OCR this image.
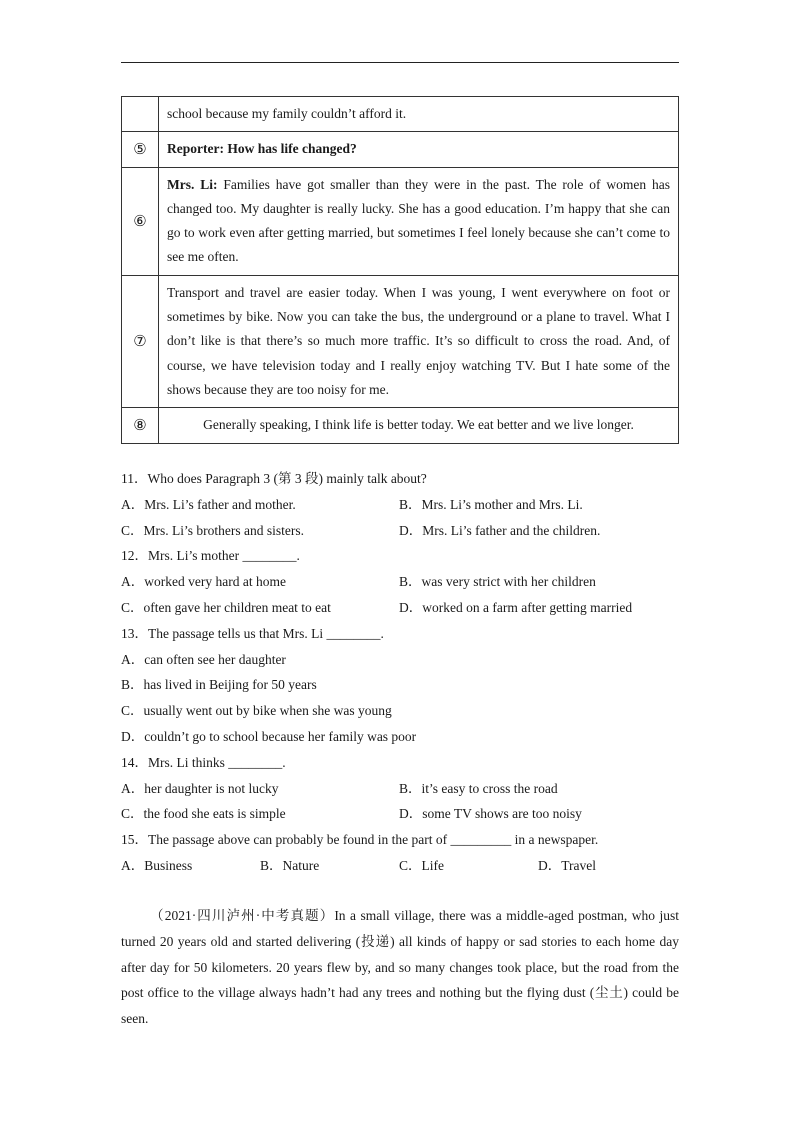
	school because my family couldn’t afford it.
⑤	Reporter: How has life changed?
⑥	Mrs. Li: Families have got smaller than they were in the past. The role of women has changed too. My daughter is really lucky. She has a good education. I’m happy that she can go to work even after getting married, but sometimes I feel lonely because she can’t come to see me often.
⑦	Transport and travel are easier today. When I was young, I went everywhere on foot or sometimes by bike. Now you can take the bus, the underground or a plane to travel. What I don’t like is that there’s so much more traffic. It’s so difficult to cross the road. And, of course, we have television today and I really enjoy watching TV. But I hate some of the shows because they are too noisy for me.
⑧	Generally speaking, I think life is better today. We eat better and we live longer.
11．Who does Paragraph 3 (第 3 段) mainly talk about?
A．Mrs. Li’s father and mother.	B．Mrs. Li’s mother and Mrs. Li.
C．Mrs. Li’s brothers and sisters.	D．Mrs. Li’s father and the children.
12．Mrs. Li’s mother ________.
A．worked very hard at home	B．was very strict with her children
C．often gave her children meat to eat	D．worked on a farm after getting married
13．The passage tells us that Mrs. Li ________.
A．can often see her daughter
B．has lived in Beijing for 50 years
C．usually went out by bike when she was young
D．couldn’t go to school because her family was poor
14．Mrs. Li thinks ________.
A．her daughter is not lucky	B．it’s easy to cross the road
C．the food she eats is simple	D．some TV shows are too noisy
15．The passage above can probably be found in the part of _________ in a newspaper.
A．Business	B．Nature	C．Life	D．Travel
（2021·四川泸州·中考真题）In a small village, there was a middle-aged postman, who just turned 20 years old and started delivering (投递) all kinds of happy or sad stories to each home day after day for 50 kilometers. 20 years flew by, and so many changes took place, but the road from the post office to the village always hadn’t had any trees and nothing but the flying dust (尘土) could be seen.
